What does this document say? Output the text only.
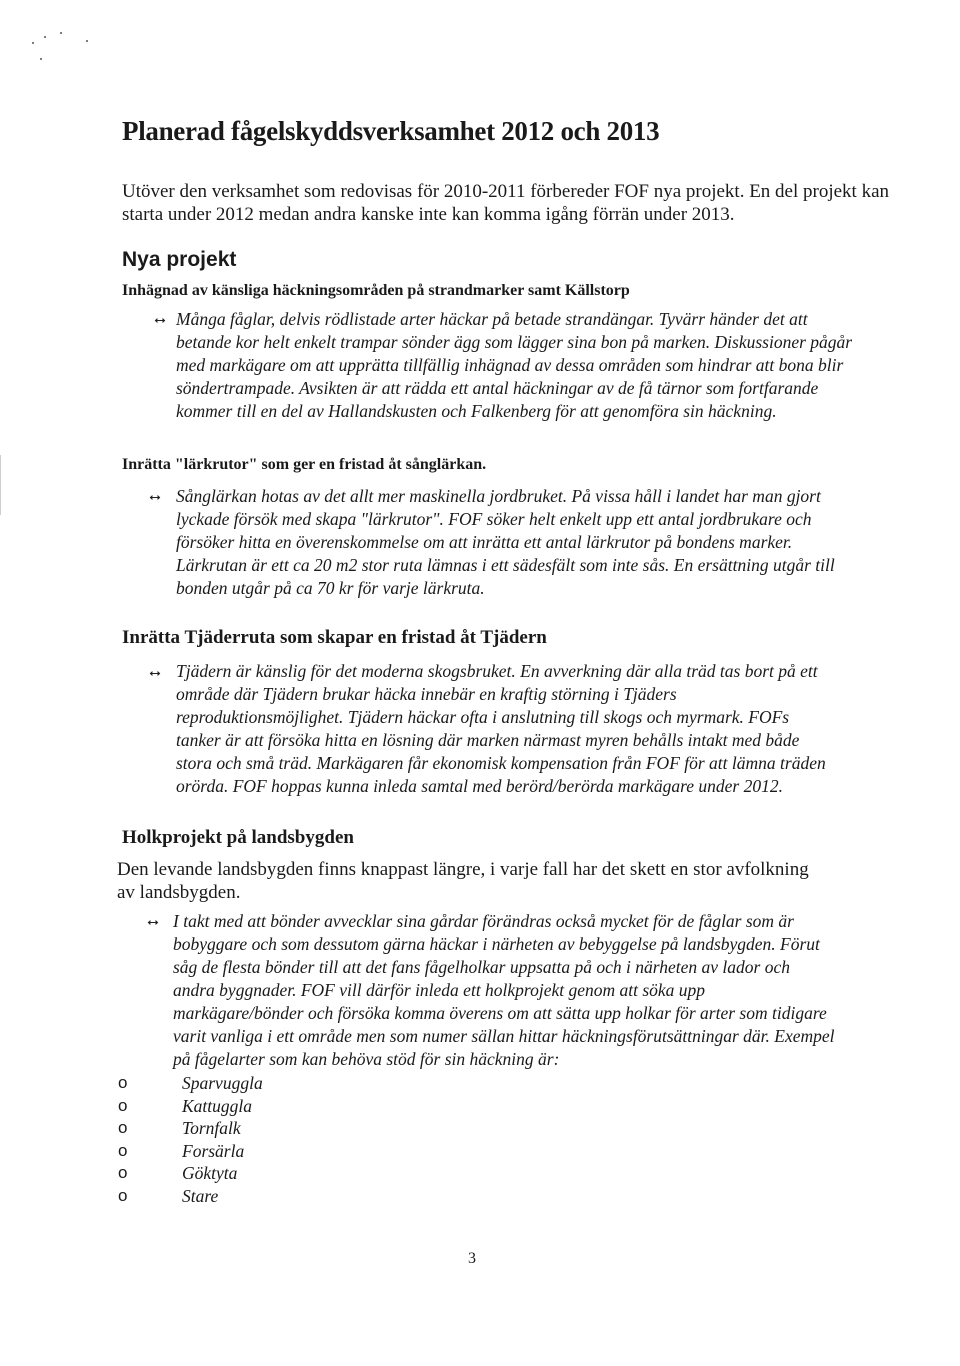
Planerad fågelskyddsverksamhet 2012 och 2013
Utöver den verksamhet som redovisas för 2010-2011 förbereder FOF nya projekt. En del projekt kan starta under 2012 medan andra kanske inte kan komma igång förrän under 2013.
Nya projekt
Inhägnad av känsliga häckningsområden på strandmarker samt Källstorp
⭤ Många fåglar, delvis rödlistade arter häckar på betade strandängar. Tyvärr händer det att betande kor helt enkelt trampar sönder ägg som lägger sina bon på marken. Diskussioner pågår med markägare om att upprätta tillfällig inhägnad av dessa områden som hindrar att bona blir söndertrampade. Avsikten är att rädda ett antal häckningar av de få tärnor som fortfarande kommer till en del av Hallandskusten och Falkenberg för att genomföra sin häckning.
Inrätta "lärkrutor" som ger en fristad åt sånglärkan.
⭤ Sånglärkan hotas av det allt mer maskinella jordbruket. På vissa håll i landet har man gjort lyckade försök med skapa "lärkrutor". FOF söker helt enkelt upp ett antal jordbrukare och försöker hitta en överenskommelse om att inrätta ett antal lärkrutor på bondens marker. Lärkrutan är ett ca 20 m2 stor ruta lämnas i ett sädesfält som inte sås. En ersättning utgår till bonden utgår på ca 70 kr för varje lärkruta.
Inrätta Tjäderruta som skapar en fristad åt Tjädern
⭤ Tjädern är känslig för det moderna skogsbruket. En avverkning där alla träd tas bort på ett område där Tjädern brukar häcka innebär en kraftig störning i Tjäders reproduktionsmöjlighet. Tjädern häckar ofta i anslutning till skogs och myrmark. FOFs tanker är att försöka hitta en lösning där marken närmast myren behålls intakt med både stora och små träd. Markägaren får ekonomisk kompensation från FOF för att lämna träden orörda. FOF hoppas kunna inleda samtal med berörd/berörda markägare under 2012.
Holkprojekt på landsbygden
Den levande landsbygden finns knappast längre, i varje fall har det skett en stor avfolkning av landsbygden.
⭤ I takt med att bönder avvecklar sina gårdar förändras också mycket för de fåglar som är bobyggare och som dessutom gärna häckar i närheten av bebyggelse på landsbygden. Förut såg de flesta bönder till att det fans fågelholkar uppsatta på och i närheten av lador och andra byggnader. FOF vill därför inleda ett holkprojekt genom att söka upp markägare/bönder och försöka komma överens om att sätta upp holkar för arter som tidigare varit vanliga i ett område men som numer sällan hittar häckningsförutsättningar där. Exempel på fågelarter som kan behöva stöd för sin häckning är:
o	Sparvuggla
o	Kattuggla
o	Tornfalk
o	Forsärla
o	Göktyta
o	Stare
3
